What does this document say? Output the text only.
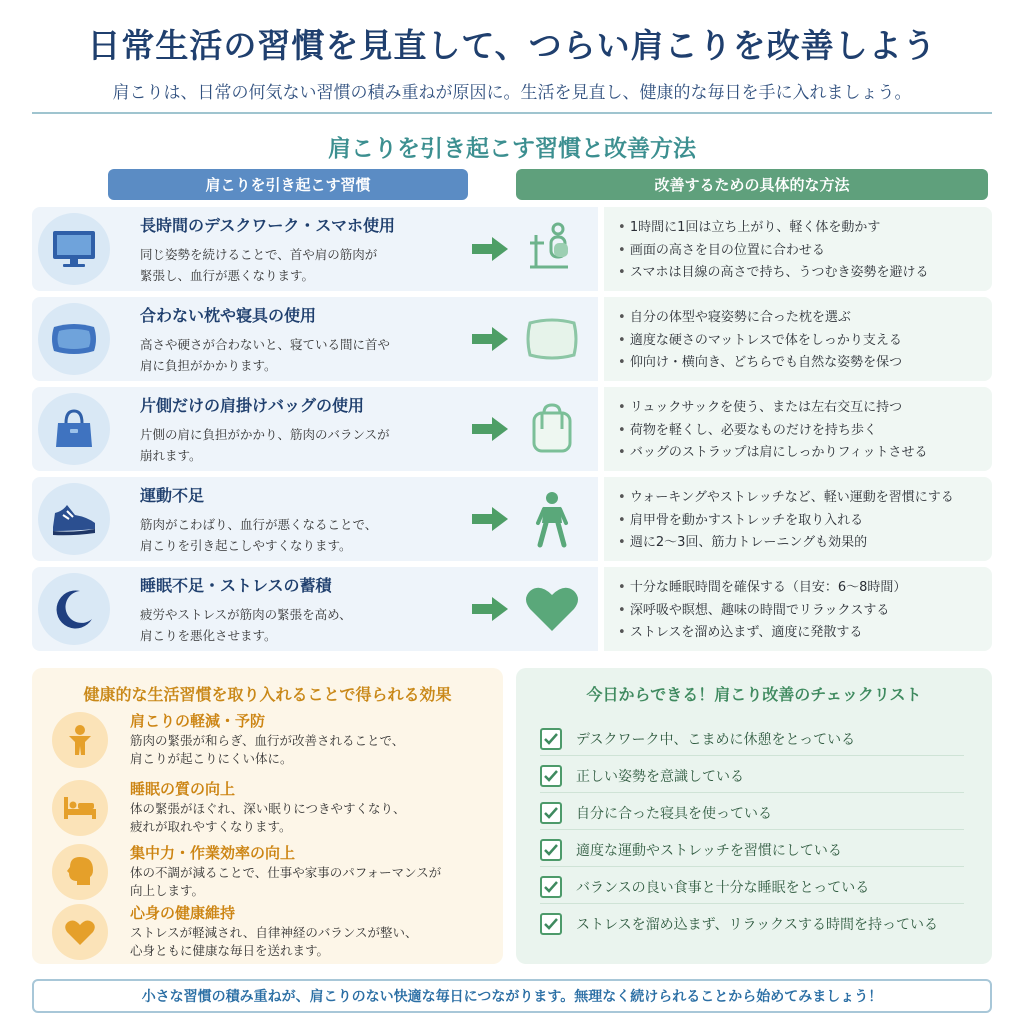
日常生活の習慣を見直して、つらい肩こりを改善しよう
肩こりは、日常の何気ない習慣の積み重ねが原因に。生活を見直し、健康的な毎日を手に入れましょう。
肩こりを引き起こす習慣と改善方法
肩こりを引き起こす習慣	改善するための具体的な方法
長時間のデスクワーク・スマホ使用
同じ姿勢を続けることで、首や肩の筋肉が
緊張し、血行が悪くなります。
• 1時間に1回は立ち上がり、軽く体を動かす
• 画面の高さを目の位置に合わせる
• スマホは目線の高さで持ち、うつむき姿勢を避ける
合わない枕や寝具の使用
高さや硬さが合わないと、寝ている間に首や
肩に負担がかかります。
• 自分の体型や寝姿勢に合った枕を選ぶ
• 適度な硬さのマットレスで体をしっかり支える
• 仰向け・横向き、どちらでも自然な姿勢を保つ
片側だけの肩掛けバッグの使用
片側の肩に負担がかかり、筋肉のバランスが
崩れます。
• リュックサックを使う、または左右交互に持つ
• 荷物を軽くし、必要なものだけを持ち歩く
• バッグのストラップは肩にしっかりフィットさせる
運動不足
筋肉がこわばり、血行が悪くなることで、
肩こりを引き起こしやすくなります。
• ウォーキングやストレッチなど、軽い運動を習慣にする
• 肩甲骨を動かすストレッチを取り入れる
• 週に2〜3回、筋力トレーニングも効果的
睡眠不足・ストレスの蓄積
疲労やストレスが筋肉の緊張を高め、
肩こりを悪化させます。
• 十分な睡眠時間を確保する（目安：6〜8時間）
• 深呼吸や瞑想、趣味の時間でリラックスする
• ストレスを溜め込まず、適度に発散する
健康的な生活習慣を取り入れることで得られる効果
肩こりの軽減・予防
筋肉の緊張が和らぎ、血行が改善されることで、
肩こりが起こりにくい体に。
睡眠の質の向上
体の緊張がほぐれ、深い眠りにつきやすくなり、
疲れが取れやすくなります。
集中力・作業効率の向上
体の不調が減ることで、仕事や家事のパフォーマンスが
向上します。
心身の健康維持
ストレスが軽減され、自律神経のバランスが整い、
心身ともに健康な毎日を送れます。
今日からできる！肩こり改善のチェックリスト
デスクワーク中、こまめに休憩をとっている
正しい姿勢を意識している
自分に合った寝具を使っている
適度な運動やストレッチを習慣にしている
バランスの良い食事と十分な睡眠をとっている
ストレスを溜め込まず、リラックスする時間を持っている
小さな習慣の積み重ねが、肩こりのない快適な毎日につながります。無理なく続けられることから始めてみましょう！
